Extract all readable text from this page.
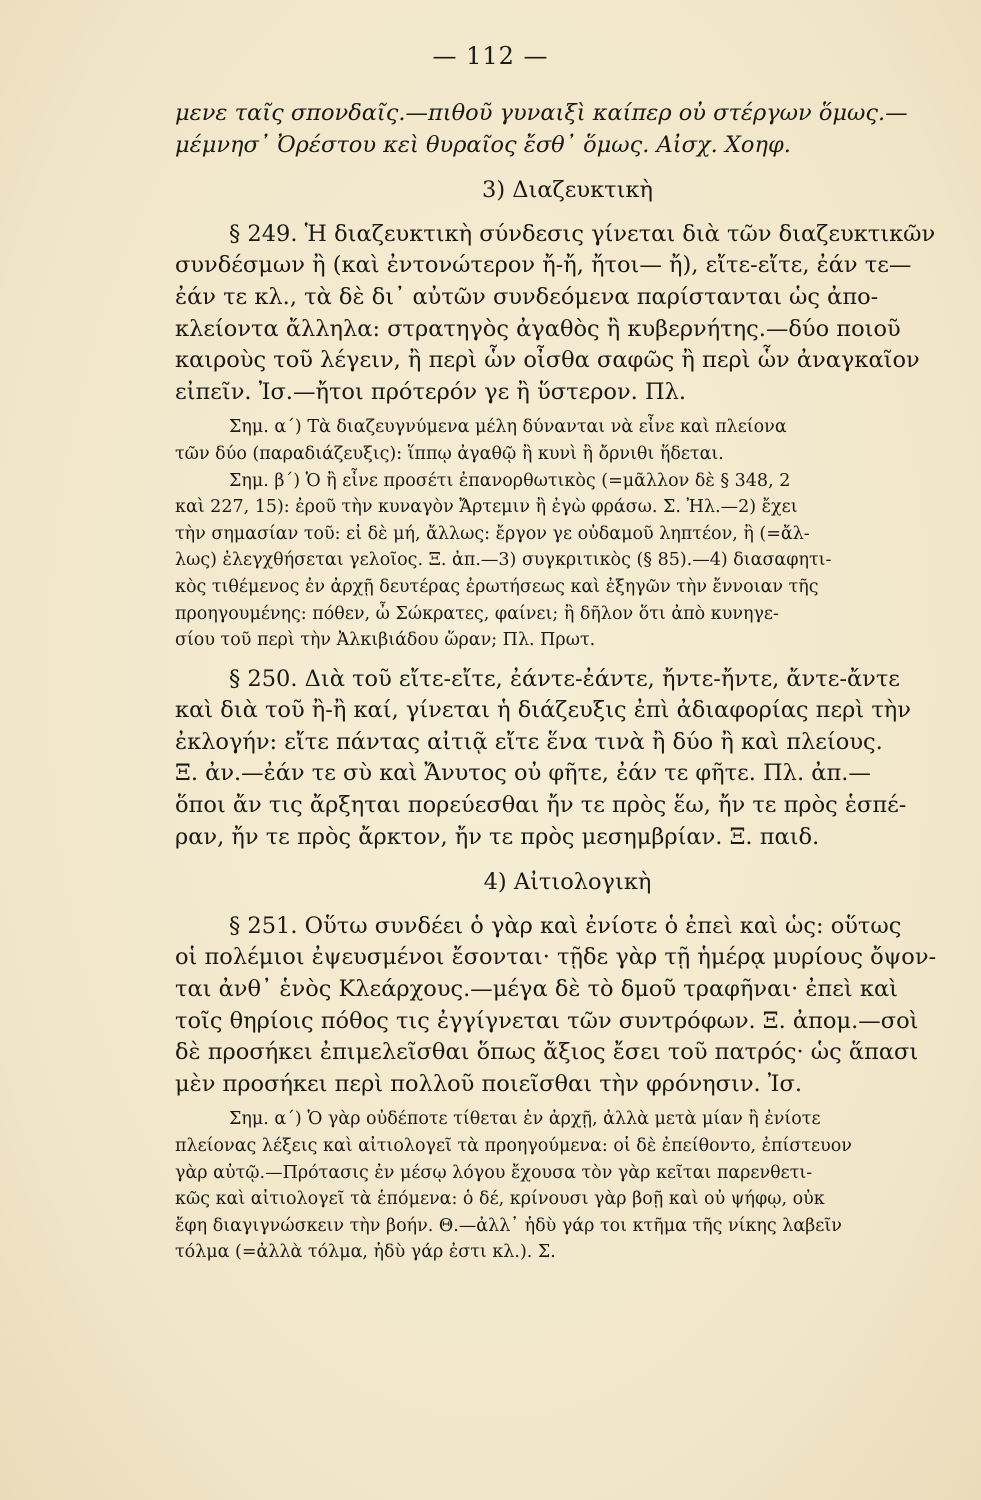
— 112 —

μενε ταῖς σπονδαῖς.—πιθοῦ γυναιξὶ καίπερ οὐ στέργων ὅμως.—

μέμνησ᾽ Ὀρέστου κεὶ θυραῖος ἔσθ᾽ ὅμως. Αἰσχ. Χοηφ.

3) Διαζευκτικὴ

§ 249. Ἡ διαζευκτικὴ σύνδεσις γίνεται διὰ τῶν διαζευκτικῶν

συνδέσμων ἢ (καὶ ἐντονώτερον ἤ-ἤ, ἤτοι— ἤ), εἴτε-εἴτε, ἐάν τε—

ἐάν τε κλ., τὰ δὲ δι᾽ αὐτῶν συνδεόμενα παρίστανται ὡς ἀπο-

κλείοντα ἄλληλα: στρατηγὸς ἀγαθὸς ἢ κυβερνήτης.—δύο ποιοῦ

καιροὺς τοῦ λέγειν, ἢ περὶ ὧν οἶσθα σαφῶς ἢ περὶ ὧν ἀναγκαῖον

εἰπεῖν. Ἰσ.—ἤτοι πρότερόν γε ἢ ὕστερον. Πλ.

Σημ. α΄) Τὰ διαζευγνύμενα μέλη δύνανται νὰ εἶνε καὶ πλείονα

τῶν δύο (παραδιάζευξις): ἵππῳ ἀγαθῷ ἢ κυνὶ ἢ ὄρνιθι ἥδεται.

Σημ. β΄) Ὁ ἢ εἶνε προσέτι ἐπανορθωτικὸς (=μᾶλλον δὲ § 348, 2

καὶ 227, 15): ἐροῦ τὴν κυναγὸν Ἄρτεμιν ἢ ἐγὼ φράσω. Σ. Ἠλ.—2) ἔχει

τὴν σημασίαν τοῦ: εἰ δὲ μή, ἄλλως: ἔργον γε οὐδαμοῦ ληπτέον, ἢ (=ἄλ-

λως) ἐλεγχθήσεται γελοῖος. Ξ. ἀπ.—3) συγκριτικὸς (§ 85).—4) διασαφητι-

κὸς τιθέμενος ἐν ἀρχῇ δευτέρας ἐρωτήσεως καὶ ἐξηγῶν τὴν ἔννοιαν τῆς

προηγουμένης: πόθεν, ὦ Σώκρατες, φαίνει; ἢ δῆλον ὅτι ἀπὸ κυνηγε-

σίου τοῦ περὶ τὴν Ἀλκιβιάδου ὥραν; Πλ. Πρωτ.

§ 250. Διὰ τοῦ εἴτε-εἴτε, ἐάντε-ἐάντε, ἤντε-ἤντε, ἄντε-ἄντε

καὶ διὰ τοῦ ἢ-ἢ καί, γίνεται ἡ διάζευξις ἐπὶ ἀδιαφορίας περὶ τὴν

ἐκλογήν: εἴτε πάντας αἰτιᾷ εἴτε ἕνα τινὰ ἢ δύο ἢ καὶ πλείους.

Ξ. ἀν.—ἐάν τε σὺ καὶ Ἄνυτος οὐ φῆτε, ἐάν τε φῆτε. Πλ. ἀπ.—

ὅποι ἄν τις ἄρξηται πορεύεσθαι ἤν τε πρὸς ἕω, ἤν τε πρὸς ἑσπέ-

ραν, ἤν τε πρὸς ἄρκτον, ἤν τε πρὸς μεσημβρίαν. Ξ. παιδ.

4) Αἰτιολογικὴ

§ 251. Οὕτω συνδέει ὁ γὰρ καὶ ἐνίοτε ὁ ἐπεὶ καὶ ὡς: οὕτως

οἱ πολέμιοι ἐψευσμένοι ἔσονται· τῇδε γὰρ τῇ ἡμέρᾳ μυρίους ὄψον-

ται ἀνθ᾽ ἑνὸς Κλεάρχους.—μέγα δὲ τὸ δμοῦ τραφῆναι· ἐπεὶ καὶ

τοῖς θηρίοις πόθος τις ἐγγίγνεται τῶν συντρόφων. Ξ. ἀπομ.—σοὶ

δὲ προσήκει ἐπιμελεῖσθαι ὅπως ἄξιος ἔσει τοῦ πατρός· ὡς ἅπασι

μὲν προσήκει περὶ πολλοῦ ποιεῖσθαι τὴν φρόνησιν. Ἰσ.

Σημ. α΄) Ὁ γὰρ οὐδέποτε τίθεται ἐν ἀρχῇ, ἀλλὰ μετὰ μίαν ἢ ἐνίοτε

πλείονας λέξεις καὶ αἰτιολογεῖ τὰ προηγούμενα: οἱ δὲ ἐπείθοντο, ἐπίστευον

γὰρ αὐτῷ.—Πρότασις ἐν μέσῳ λόγου ἔχουσα τὸν γὰρ κεῖται παρενθετι-

κῶς καὶ αἰτιολογεῖ τὰ ἑπόμενα: ὁ δέ, κρίνουσι γὰρ βοῇ καὶ οὐ ψήφῳ, οὐκ

ἔφη διαγιγνώσκειν τὴν βοήν. Θ.—ἀλλ᾽ ἡδὺ γάρ τοι κτῆμα τῆς νίκης λαβεῖν

τόλμα (=ἀλλὰ τόλμα, ἡδὺ γάρ ἐστι κλ.). Σ.
